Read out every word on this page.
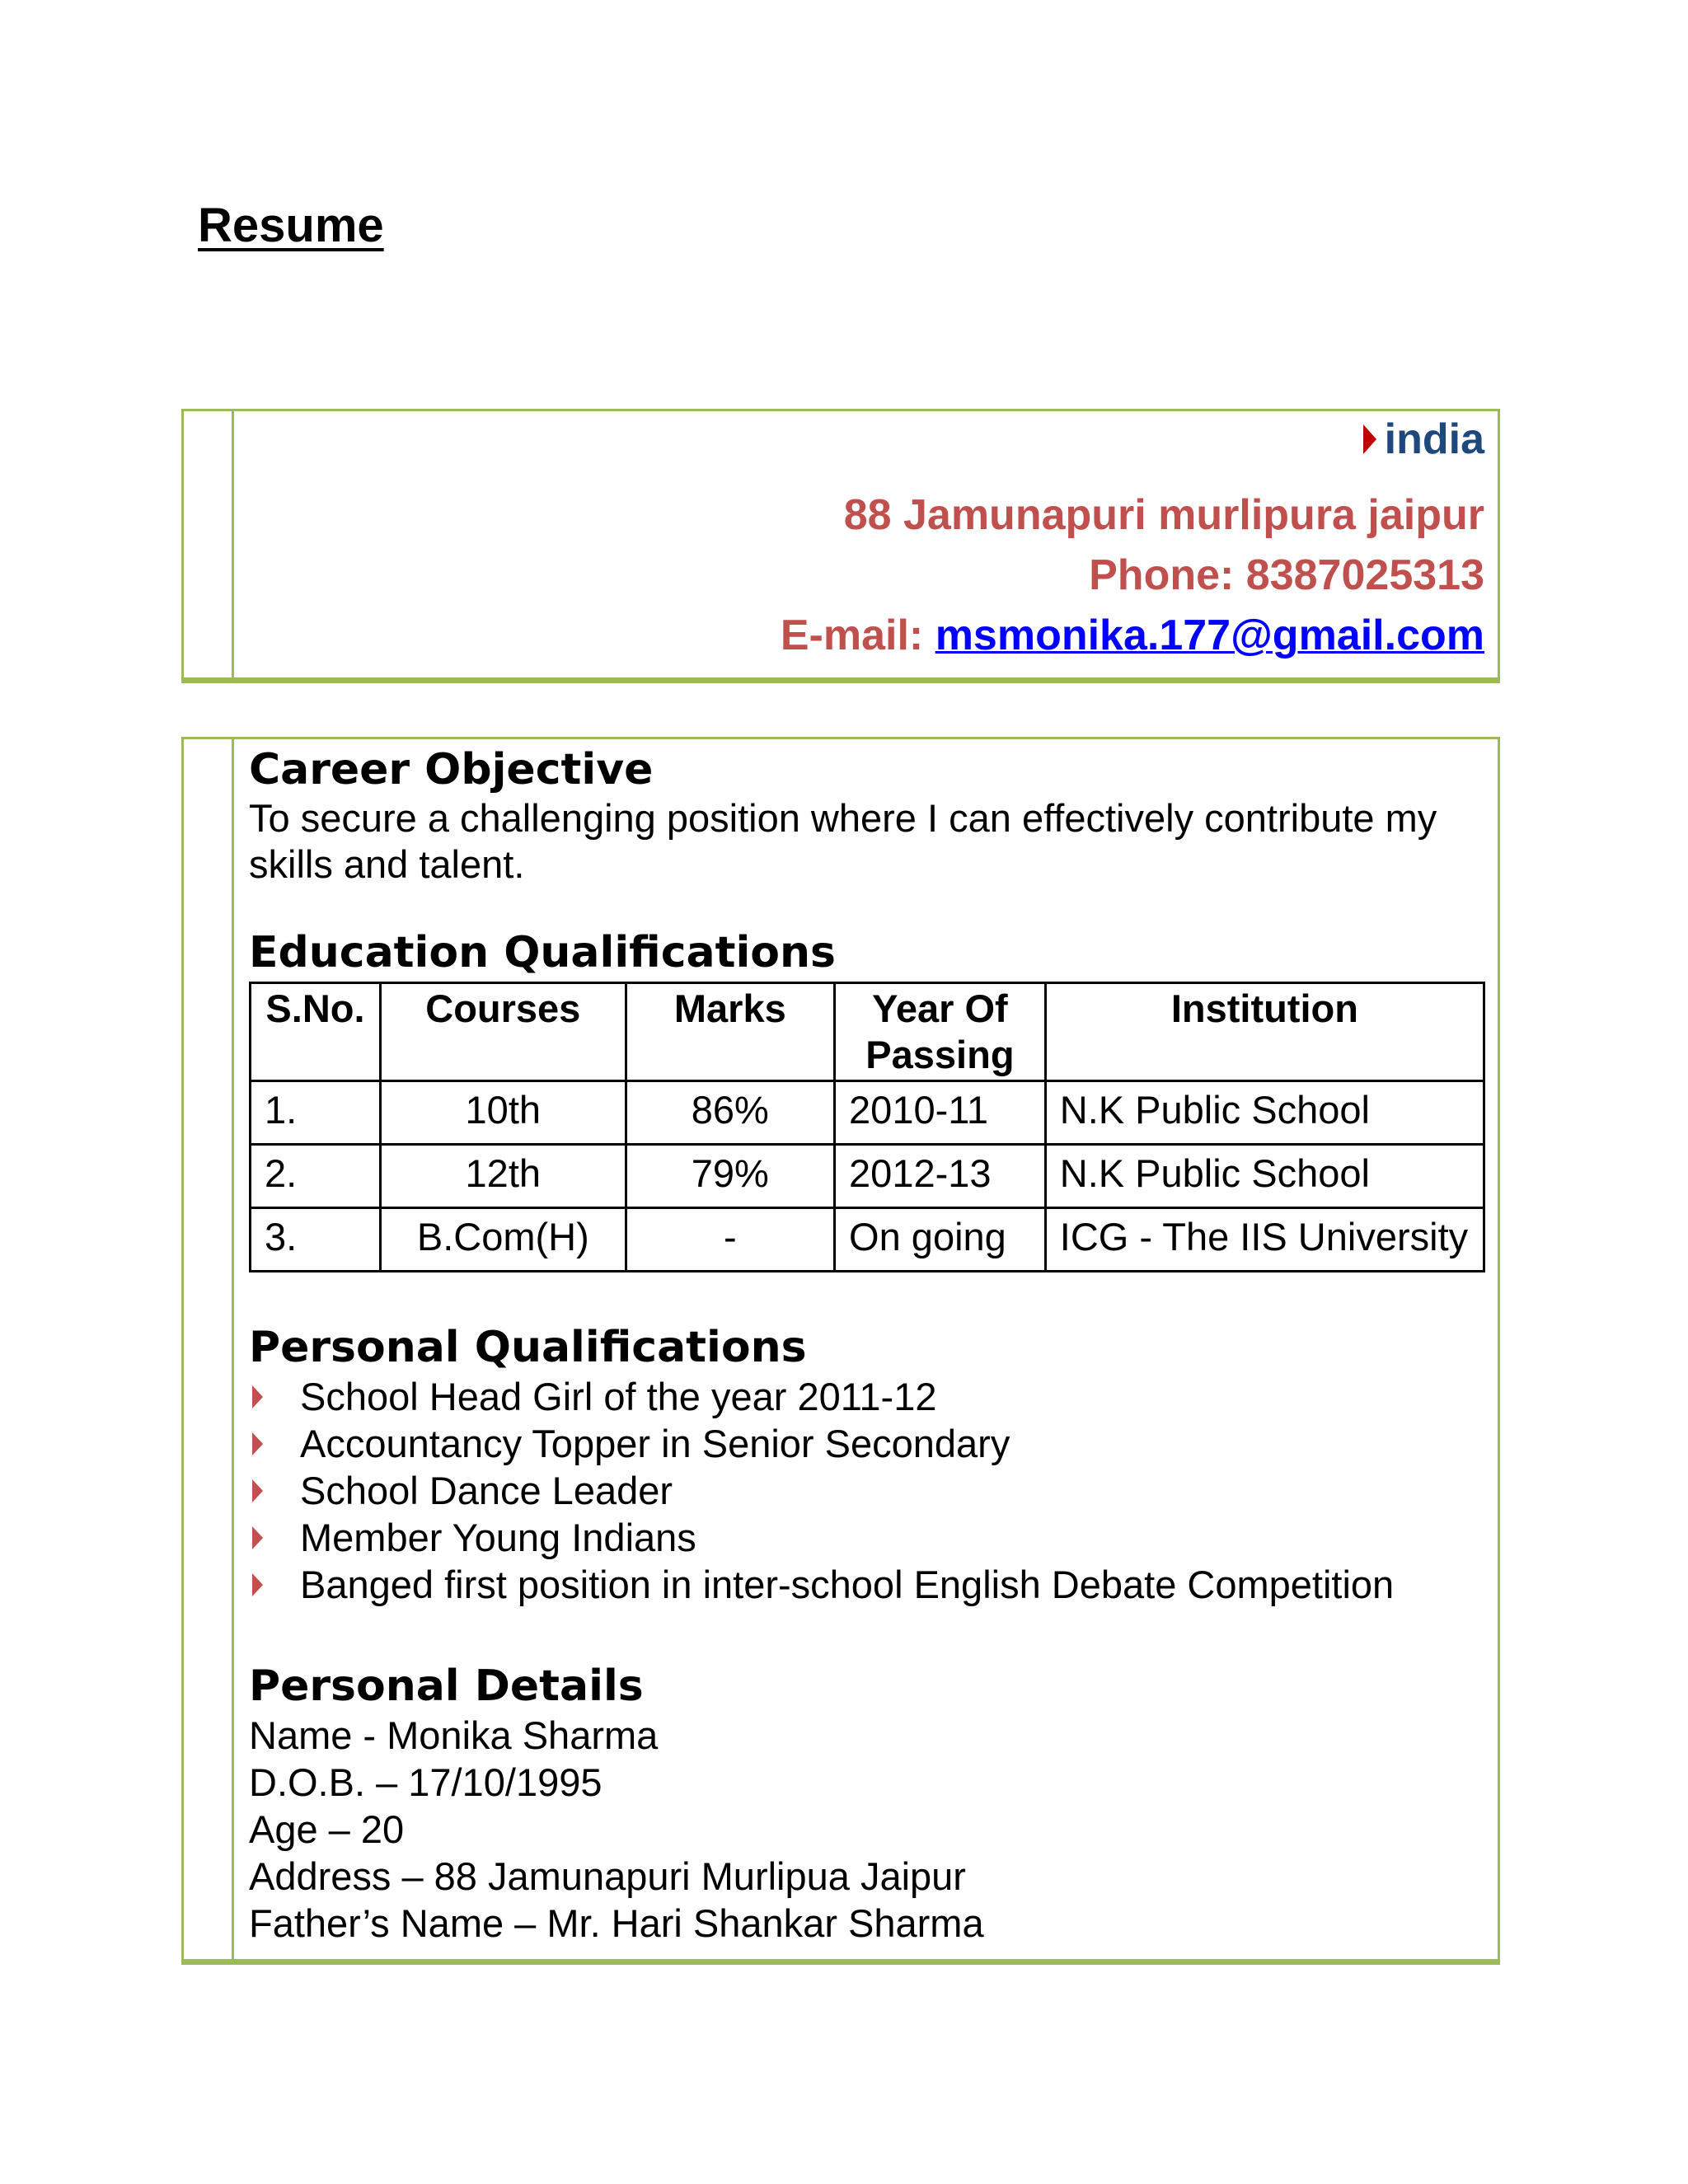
Resume
india
88 Jamunapuri murlipura jaipur
Phone: 8387025313
E-mail: msmonika.177@gmail.com
Career Objective

To secure a challenging position where I can effectively contribute my skills and talent.

Education Qualifications
S.No.	Courses	Marks	Year Of Passing	Institution
1.	10th	86%	2010-11	N.K Public School
2.	12th	79%	2012-13	N.K Public School
3.	B.Com(H)	-	On going	ICG - The IIS University
Personal Qualifications
School Head Girl of the year 2011-12
Accountancy Topper in Senior Secondary
School Dance Leader
Member Young Indians
Banged first position in inter-school English Debate Competition
Personal Details
Name - Monika Sharma
D.O.B. – 17/10/1995
Age – 20
Address – 88 Jamunapuri Murlipua Jaipur
Father’s Name – Mr. Hari Shankar Sharma
